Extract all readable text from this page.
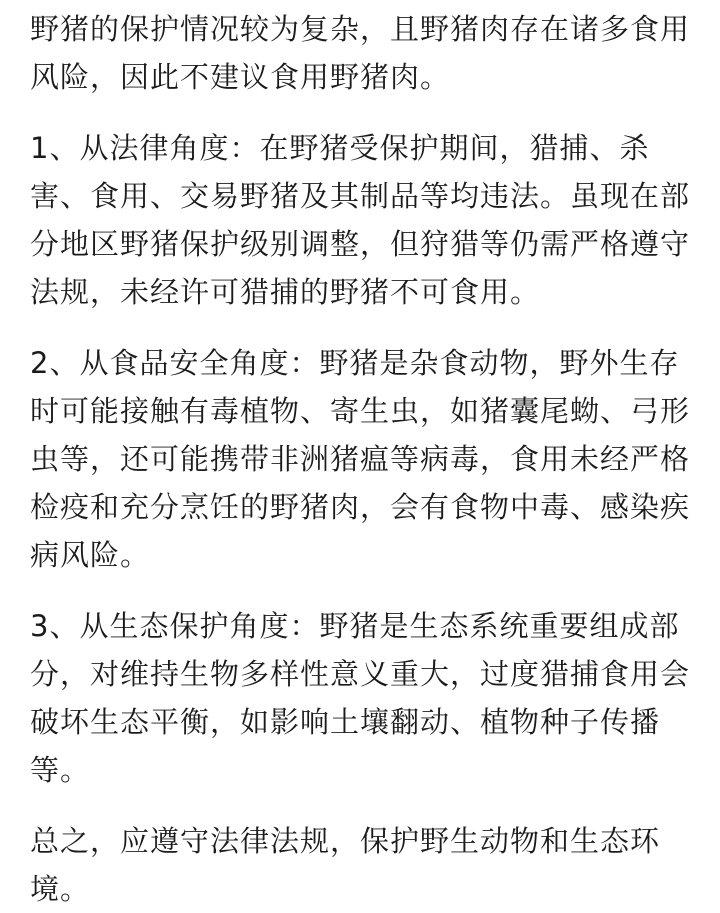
野猪的保护情况较为复杂，且野猪肉存在诸多食用
风险，因此不建议食用野猪肉。

1、从法律角度：在野猪受保护期间，猎捕、杀
害、食用、交易野猪及其制品等均违法。虽现在部
分地区野猪保护级别调整，但狩猎等仍需严格遵守
法规，未经许可猎捕的野猪不可食用。

2、从食品安全角度：野猪是杂食动物，野外生存
时可能接触有毒植物、寄生虫，如猪囊尾蚴、弓形
虫等，还可能携带非洲猪瘟等病毒，食用未经严格
检疫和充分烹饪的野猪肉，会有食物中毒、感染疾
病风险。

3、从生态保护角度：野猪是生态系统重要组成部
分，对维持生物多样性意义重大，过度猎捕食用会
破坏生态平衡，如影响土壤翻动、植物种子传播
等。

总之，应遵守法律法规，保护野生动物和生态环
境。
